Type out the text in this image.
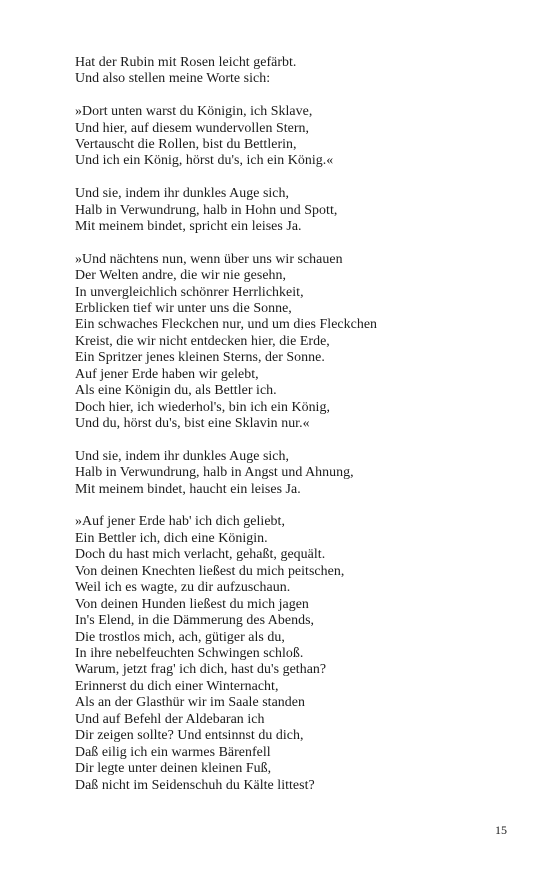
Hat der Rubin mit Rosen leicht gefärbt.
Und also stellen meine Worte sich:
»Dort unten warst du Königin, ich Sklave,
Und hier, auf diesem wundervollen Stern,
Vertauscht die Rollen, bist du Bettlerin,
Und ich ein König, hörst du's, ich ein König.«
Und sie, indem ihr dunkles Auge sich,
Halb in Verwundrung, halb in Hohn und Spott,
Mit meinem bindet, spricht ein leises Ja.
»Und nächtens nun, wenn über uns wir schauen
Der Welten andre, die wir nie gesehn,
In unvergleichlich schönrer Herrlichkeit,
Erblicken tief wir unter uns die Sonne,
Ein schwaches Fleckchen nur, und um dies Fleckchen
Kreist, die wir nicht entdecken hier, die Erde,
Ein Spritzer jenes kleinen Sterns, der Sonne.
Auf jener Erde haben wir gelebt,
Als eine Königin du, als Bettler ich.
Doch hier, ich wiederhol's, bin ich ein König,
Und du, hörst du's, bist eine Sklavin nur.«
Und sie, indem ihr dunkles Auge sich,
Halb in Verwundrung, halb in Angst und Ahnung,
Mit meinem bindet, haucht ein leises Ja.
»Auf jener Erde hab' ich dich geliebt,
Ein Bettler ich, dich eine Königin.
Doch du hast mich verlacht, gehaßt, gequält.
Von deinen Knechten ließest du mich peitschen,
Weil ich es wagte, zu dir aufzuschaun.
Von deinen Hunden ließest du mich jagen
In's Elend, in die Dämmerung des Abends,
Die trostlos mich, ach, gütiger als du,
In ihre nebelfeuchten Schwingen schloß.
Warum, jetzt frag' ich dich, hast du's gethan?
Erinnerst du dich einer Winternacht,
Als an der Glasthür wir im Saale standen
Und auf Befehl der Aldebaran ich
Dir zeigen sollte? Und entsinnst du dich,
Daß eilig ich ein warmes Bärenfell
Dir legte unter deinen kleinen Fuß,
Daß nicht im Seidenschuh du Kälte littest?
15
